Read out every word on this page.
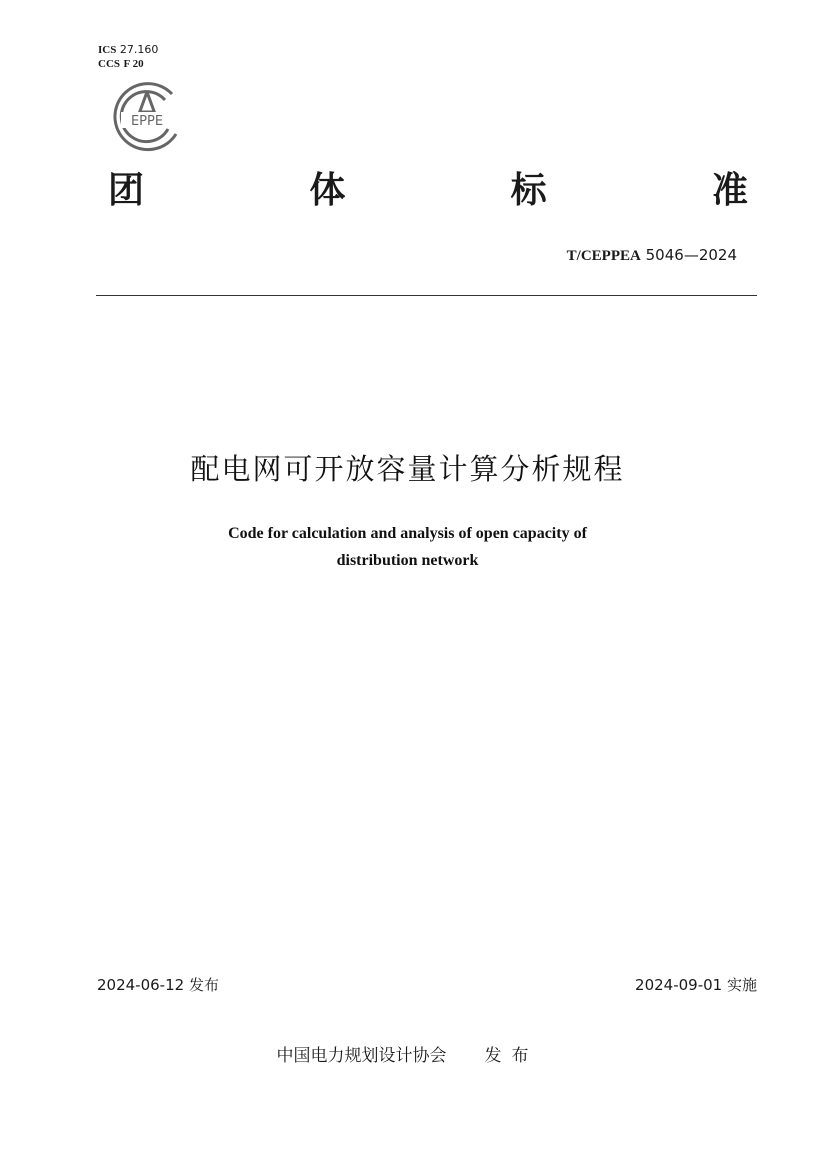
ICS 27.160
CCS F 20
EPPE
团	体	标	准
T/CEPPEA 5046—2024
配电网可开放容量计算分析规程
Code for calculation and analysis of open capacity of
distribution network
2024-06-12 发布	2024-09-01 实施
中国电力规划设计协会 发布
